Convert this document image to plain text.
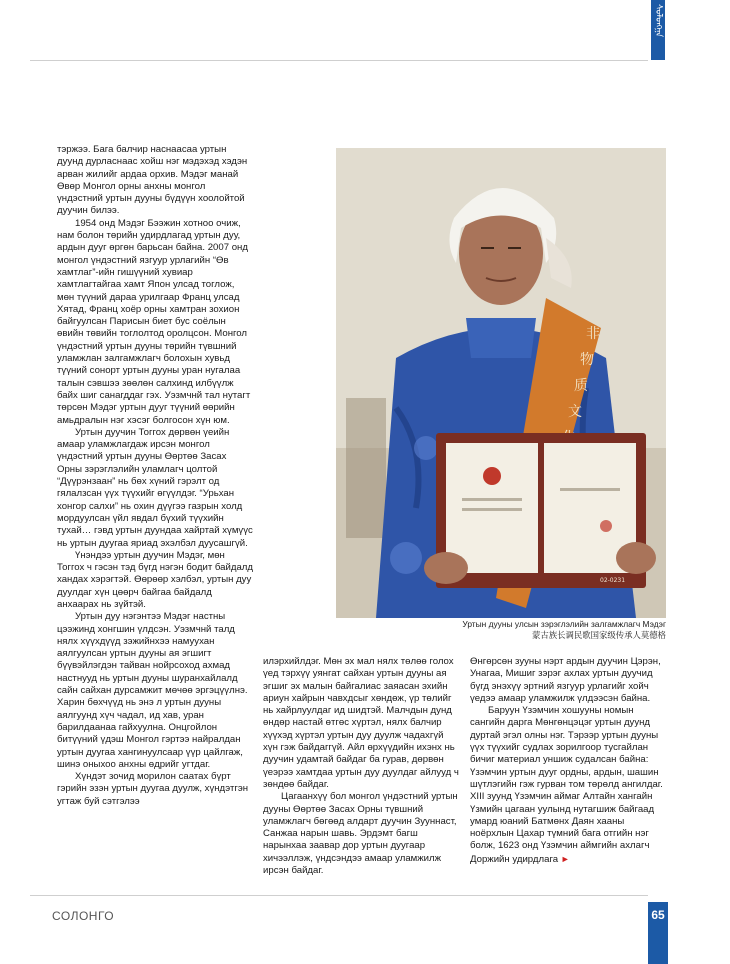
ᠰᠣᠯᠣᠩᠭ᠋ᠠ

тэржээ. Бага балчир наснаасаа уртын дуунд дурласнаас хойш нэг мэдэхэд хэдэн арван жилийг ардаа орхив. Мэдэг манай Өвөр Монгол орны анхны монгол үндэстний уртын дууны бүдүүн хоолойтой дуучин билээ.

1954 онд Мэдэг Бээжин хотноо очиж, нам болон төрийн удирдлагад уртын дуу, ардын дууг өргөн барьсан байна. 2007 онд монгол үндэстний язгуур урлагийн “Өв хамтлаг”-ийн гишүүний хувиар хамтлагтайгаа хамт Япон улсад тоглож, мөн түүний дараа урилгаар Франц улсад Хятад, Франц хоёр орны хамтран зохион байгуулсан Парисын биет бус соёлын өвийн төвийн тоглолтод оролцсон. Монгол үндэстний уртын дууны төрийн түвшний уламжлан залгамжлагч болохын хувьд түүний сонорт уртын дууны уран нугалаа талын сэвшээ зөөлөн салхинд илбүүлж байх шиг санагддаг гэх. Уэзмчнй тал нутагт төрсөн Мэдэг уртын дууг түүний өөрийн амьдралын нэг хэсэг болгосон хүн юм.

Уртын дуучин Тоггох дөрвөн үеийн амаар уламжлагдаж ирсэн монгол үндэстний уртын дууны Өөртөө Засах Орны зэрэглэлийн уламлагч цолтой “Дүүрэнзаан” нь бөх хүний гэрэлт од гялалзсан үүх түүхийг өгүүлдэг. “Урьхан хонгор салхи” нь охин дүүгээ газрын холд мордуулсан үйл явдал бүхий түүхийн тухай… гэвд уртын дуундаа хайртай хүмүүс нь уртын дуугаа яриад эхэлбэл дуусашгүй.

Үнэндээ уртын дуучин Мэдэг, мөн Тоггох ч гэсэн тэд бүгд нэгэн бодит байдалд хандах хэрэгтэй. Өөрөөр хэлбэл, уртын дуу дуулдаг хүн цөөрч байгаа байдалд анхаарах нь зүйтэй.

Уртын дуу нэгэнтээ Мэдэг настны цээжинд хонгшин үлдсэн. Уэзмчнй талд нялх хүүхдүүд зэжийнхээ намуухан аялгуулсан уртын дууны ая эгшигт бүүвэйлэгдэн тайван нойрсоход ахмад настнууд нь уртын дууны шуранхайлалд сайн сайхан дурсамжит мөчөө эргэцүүлнэ. Харин бөхчүүд нь энэ л уртын дууны аялгуунд хүч чадал, ид хав, уран барилдаанаа гайхуулна. Онцгойлон битүүний үдэш Монгол гэртээ найралдан уртын дуугаа хангинуулсаар үүр цайлгаж, шинэ оныхоо анхны өдрийг угтдаг.

Хүндэт зочид морилон саатах бүрт гэрийн эзэн уртын дуугаа дуулж, хүндэтгэн угтаж буй сэтгэлээ

非
物
质
文
02-0231
Уртын дууны улсын зэрэглэлийн залгамжлагч Мэдэг
蒙古族长调民歌国家级传承人莫德格

илэрхийлдэг. Мөн эх мал нялх төлөө голох үед тэрхүү уянгат сайхан уртын дууны ая эгшиг эх малын байгалиас заяасан эхийн ариун хайрын чавхдсыг хөндөж, үр төлийг нь хайрлуулдаг ид шидтэй. Малчдын дунд өндөр настай өтгөс хүртэл, нялх балчир хүүхэд хүртэл уртын дуу дуулж чадахгүй хүн гэж байдаггүй. Айл өрхүүдийн ихэнх нь дуучин удамтай байдаг ба гурав, дөрвөн үеэрээ хамтдаа уртын дуу дуулдаг айлууд ч зөндөө байдаг.

Цагаанхүү бол монгол үндэстний уртын дууны Өөртөө Засах Орны түвшний уламжлагч бөгөөд алдарт дуучин Зууннаст, Санжаа нарын шавь. Эрдэмт багш нарынхаа заавар дор уртын дуугаар хичээллэж, үндсэндээ амаар уламжилж ирсэн байдаг.

Өнгөрсөн зууны нэрт ардын дуучин Цэрэн, Унагаа, Мишиг зэрэг ахлах уртын дуучид бүгд энэхүү эртний язгуур урлагийг хойч үедээ амаар уламжилж үлдээсэн байна.

Баруун Үзэмчин хошууны номын сангийн дарга Мөнгөнцэцэг уртын дуунд дуртай эгэл олны нэг. Тэрээр уртын дууны үүх түүхийг судлах зорилгоор тусгайлан бичиг материал уншиж судалсан байна: Үзэмчин уртын дууг ордны, ардын, шашин шүтлэгийн гэж гурван том төрөлд ангилдаг. XIII зуунд Үзэмчин аймаг Алтайн хангайн Үзмийн цагаан уулынд нутагшиж байгаад умард юаний Батмөнх Даян хааны ноёрхлын Цахар түмний бага отгийн нэг болж, 1623 онд Үзэмчин аймгийн ахлагч Доржийн удирдлага ►

СОЛОНГО	65
